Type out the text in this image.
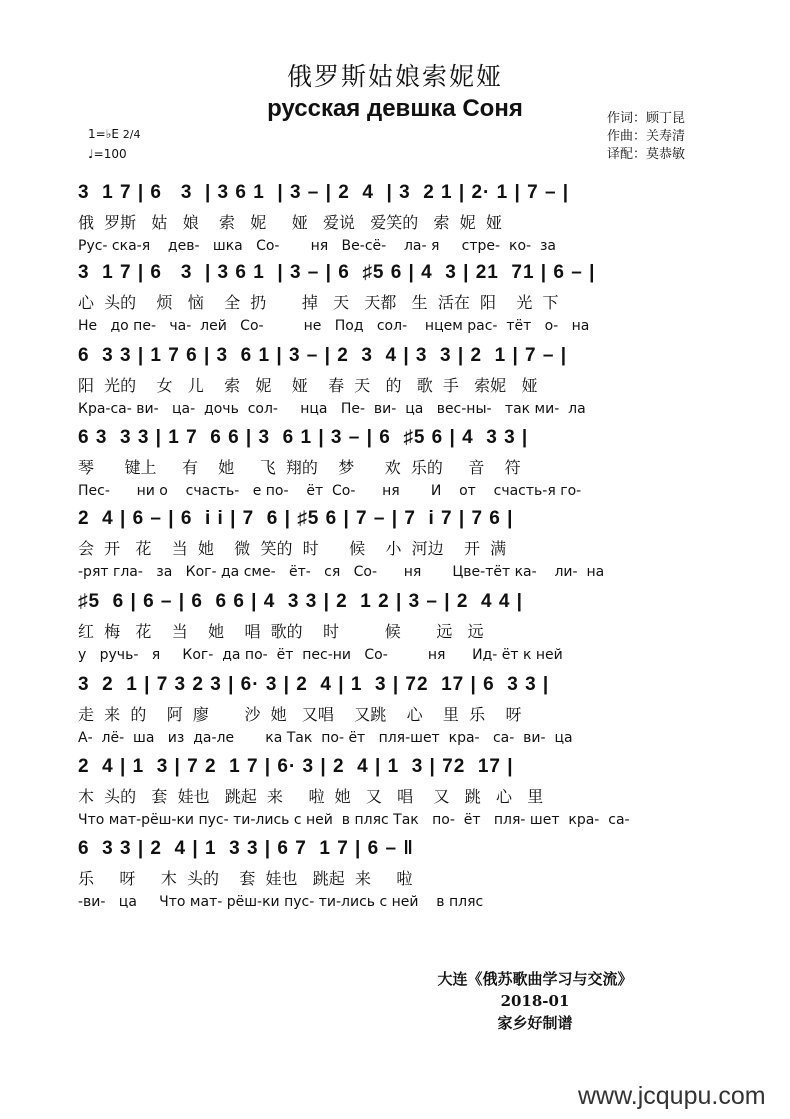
俄罗斯姑娘索妮娅
русская девшка Соня	作词：顾丁昆
作曲：关寿清
译配：莫恭敏
1=♭E 2/4
♩=100
3  1 7 | 6   3  | 3 6 1  | 3 – | 2  4  | 3  2 1 | 2· 1 | 7 – |
俄  罗斯   姑   娘    索   妮     娅   爱说   爱笑的   索  妮  娅
Рус- ска-я    дев-   шка   Со-       ня   Ве-сё-    ла- я     стре-  ко-  за
3  1 7 | 6   3  | 3 6 1  | 3 – | 6  ♯5 6 | 4  3 | 21  71 | 6 – |
心  头的    烦   恼    全  扔       掉   天   天都   生  活在  阳    光  下
Не   до пе-   ча-  лей   Со-         не   Под   сол-    нцем рас-  тёт   о-   на
6  3 3 | 1 7 6 | 3  6 1 | 3 – | 2  3  4 | 3  3 | 2  1 | 7 – |
阳  光的    女   儿    索   妮    娅    春  天   的   歌  手   索妮   娅
Кра-са- ви-   ца-  дочь  сол-     нца   Пе-  ви-  ца   вес-ны-   так ми-  ла
6 3  3 3 | 1 7  6 6 | 3  6 1 | 3 – | 6  ♯5 6 | 4  3 3 |
琴      键上     有    她     飞  翔的    梦      欢  乐的     音    符
Пес-      ни о    счасть-   е по-    ёт  Со-      ня       И    от    счасть-я го-
2  4 | 6 – | 6  i i | 7  6 | ♯5 6 | 7 – | 7  i 7 | 7 6 |
会  开   花    当  她    微  笑的  时      候    小  河边    开  满
-рят гла-   за   Ког- да сме-   ёт-   ся   Со-      ня       Цве-тёт ка-    ли-  на
♯5  6 | 6 – | 6  6 6 | 4  3 3 | 2  1 2 | 3 – | 2  4 4 |
红  梅   花    当    她    唱  歌的    时         候       远   远
у   ручь-   я     Ког-  да по-  ёт  пес-ни   Со-         ня      Ид- ёт к ней
3  2  1 | 7 3 2 3 | 6· 3 | 2  4 | 1  3 | 72  17 | 6  3 3 |
走  来  的    阿  廖       沙  她   又唱    又跳    心    里  乐    呀
А-  лё-  ша   из  да-ле       ка Так  по- ёт   пля-шет  кра-   са-  ви-  ца
2  4 | 1  3 | 7 2  1 7 | 6· 3 | 2  4 | 1  3 | 72  17 |
木  头的   套  娃也   跳起  来     啦  她   又   唱    又   跳   心   里
Что мат-рёш-ки пус- ти-лись с ней  в пляс Так   по-  ёт   пля- шет  кра-  са-
6  3 3 | 2  4 | 1  3 3 | 6 7  1 7 | 6 – ‖
乐     呀     木  头的    套  娃也   跳起  来     啦
-ви-   ца     Что мат- рёш-ки пус- ти-лись с ней    в пляс
大连《俄苏歌曲学习与交流》
2018-01
家乡好制谱
www.jcqupu.com
